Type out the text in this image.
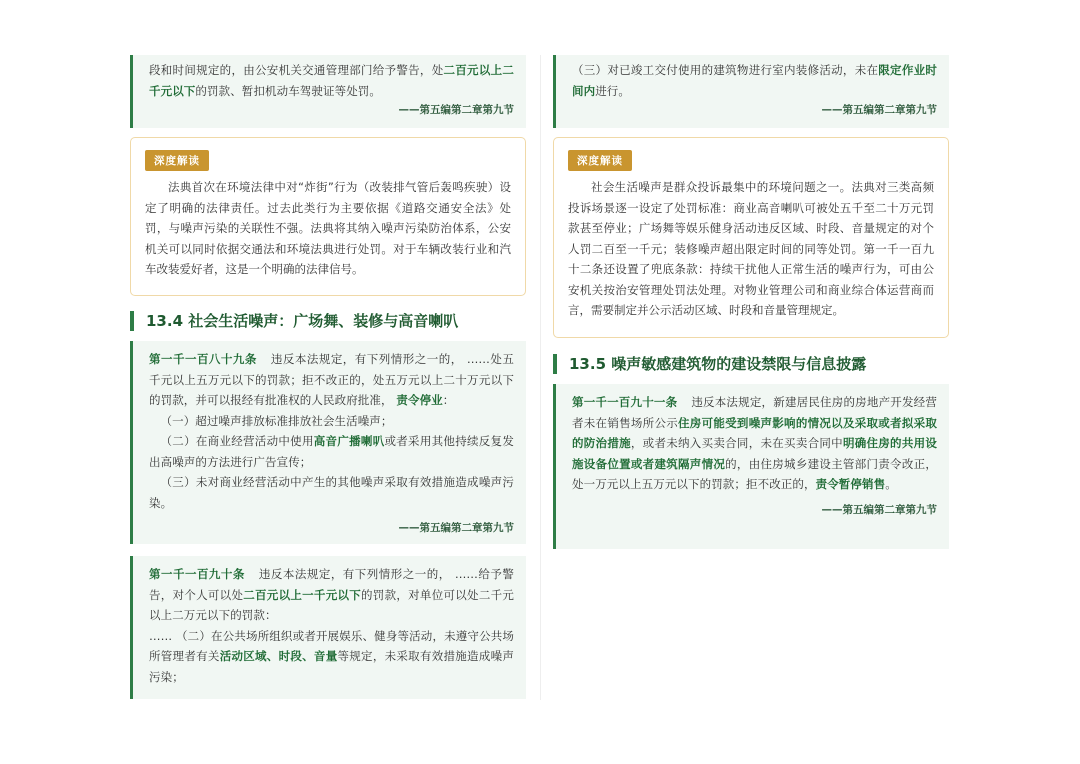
段和时间规定的，由公安机关交通管理部门给予警告，处二百元以上二千元以下的罚款、暂扣机动车驾驶证等处罚。
——第五编第二章第九节
深度解读
法典首次在环境法律中对“炸街”行为（改装排气管后轰鸣疾驶）设定了明确的法律责任。过去此类行为主要依据《道路交通安全法》处罚，与噪声污染的关联性不强。法典将其纳入噪声污染防治体系，公安机关可以同时依据交通法和环境法典进行处罚。对于车辆改装行业和汽车改装爱好者，这是一个明确的法律信号。
13.4 社会生活噪声：广场舞、装修与高音喇叭
第一千一百八十九条 违反本法规定，有下列情形之一的， ……处五千元以上五万元以下的罚款；拒不改正的，处五万元以上二十万元以下的罚款，并可以报经有批准权的人民政府批准， 责令停业：
（一）超过噪声排放标准排放社会生活噪声；
（二）在商业经营活动中使用高音广播喇叭或者采用其他持续反复发出高噪声的方法进行广告宣传；
（三）未对商业经营活动中产生的其他噪声采取有效措施造成噪声污染。
——第五编第二章第九节
第一千一百九十条 违反本法规定，有下列情形之一的， ……给予警告，对个人可以处二百元以上一千元以下的罚款，对单位可以处二千元以上二万元以下的罚款：
…… （二）在公共场所组织或者开展娱乐、健身等活动，未遵守公共场所管理者有关活动区域、时段、音量等规定，未采取有效措施造成噪声污染；
（三）对已竣工交付使用的建筑物进行室内装修活动，未在限定作业时间内进行。
——第五编第二章第九节
深度解读
社会生活噪声是群众投诉最集中的环境问题之一。法典对三类高频投诉场景逐一设定了处罚标准：商业高音喇叭可被处五千至二十万元罚款甚至停业；广场舞等娱乐健身活动违反区域、时段、音量规定的对个人罚二百至一千元；装修噪声超出限定时间的同等处罚。第一千一百九十二条还设置了兜底条款：持续干扰他人正常生活的噪声行为，可由公安机关按治安管理处罚法处理。对物业管理公司和商业综合体运营商而言，需要制定并公示活动区域、时段和音量管理规定。
13.5 噪声敏感建筑物的建设禁限与信息披露
第一千一百九十一条 违反本法规定，新建居民住房的房地产开发经营者未在销售场所公示住房可能受到噪声影响的情况以及采取或者拟采取的防治措施，或者未纳入买卖合同，未在买卖合同中明确住房的共用设施设备位置或者建筑隔声情况的，由住房城乡建设主管部门责令改正，处一万元以上五万元以下的罚款；拒不改正的，责令暂停销售。
——第五编第二章第九节
